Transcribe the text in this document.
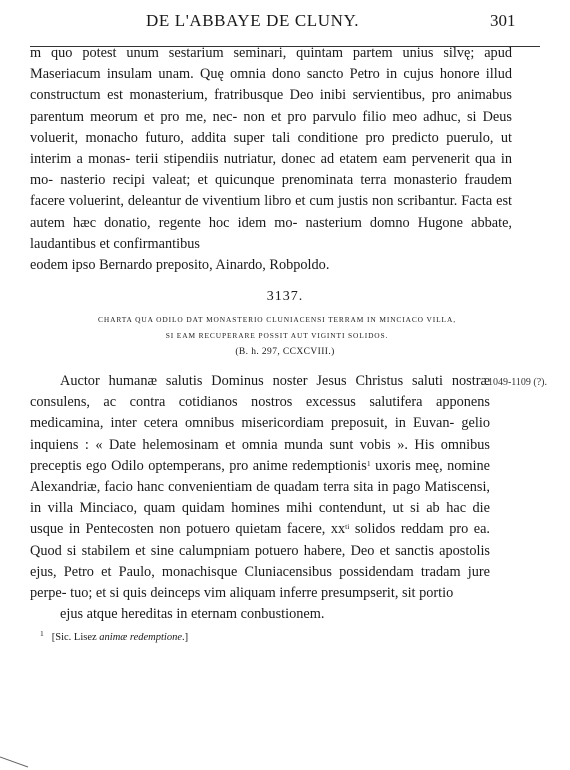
DE L'ABBAYE DE CLUNY.	301

m quo potest unum sestarium seminari, quintam partem unius silvę; apud Maseriacum insulam unam. Quę omnia dono sancto Petro in cujus honore illud constructum est monasterium, fratribusque Deo inibi servientibus, pro animabus parentum meorum et pro me, nec- non et pro parvulo filio meo adhuc, si Deus voluerit, monacho futuro, addita super tali conditione pro predicto puerulo, ut interim a monas- terii stipendiis nutriatur, donec ad etatem eam pervenerit qua in mo- nasterio recipi valeat; et quicunque prenominata terra monasterio fraudem facere voluerint, deleantur de viventium libro et cum justis non scribantur. Facta est autem hæc donatio, regente hoc idem mo- nasterium domno Hugone abbate, laudantibus et confirmantibus
eodem ipso Bernardo preposito, Ainardo, Robpoldo.

3137.
CHARTA QUA ODILO DAT MONASTERIO CLUNIACENSI TERRAM IN MINCIACO VILLA,
SI EAM RECUPERARE POSSIT AUT VIGINTI SOLIDOS.
(B. h. 297, CCXCVIII.)
1049-1109 (?).

Auctor humanæ salutis Dominus noster Jesus Christus saluti nostræ consulens, ac contra cotidianos nostros excessus salutifera apponens medicamina, inter cetera omnibus misericordiam preposuit, in Euvan- gelio inquiens : « Date helemosinam et omnia munda sunt vobis ». His omnibus preceptis ego Odilo optemperans, pro anime redemptionis$^1$ uxoris meę, nomine Alexandriæ, facio hanc convenientiam de quadam terra sita in pago Matiscensi, in villa Minciaco, quam quidam homines mihi contendunt, ut si ab hac die usque in Pentecosten non potuero quietam facere, xx$^{ti}$ solidos reddam pro ea. Quod si stabilem et sine calumpniam potuero habere, Deo et sanctis apostolis ejus, Petro et Paulo, monachisque Cluniacensibus possidendam tradam jure perpe- tuo; et si quis deinceps vim aliquam inferre presumpserit, sit portio
ejus atque hereditas in eternam conbustionem.

$^1$ [Sic. Lisez animæ redemptione.]
